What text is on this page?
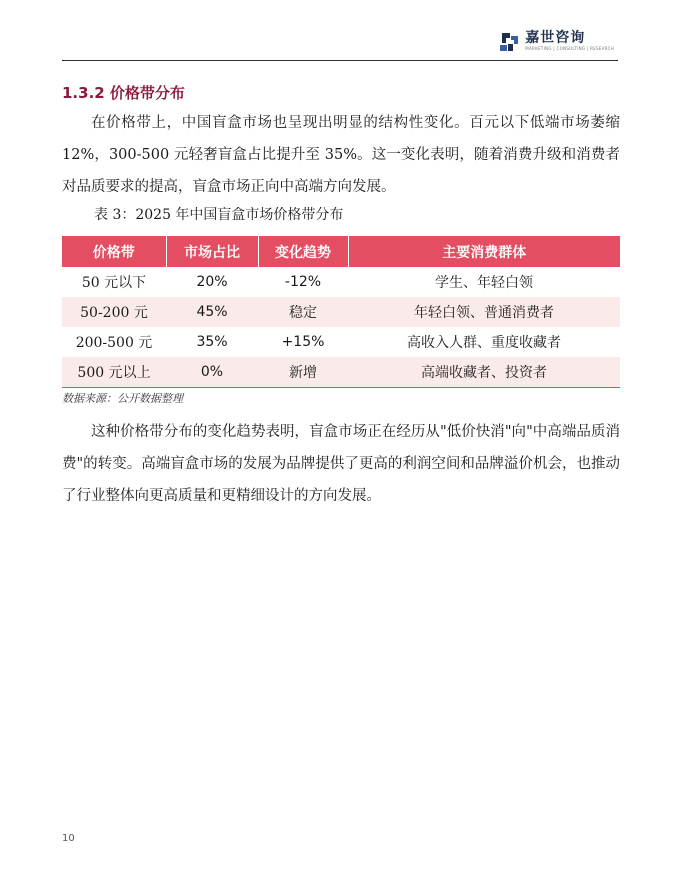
嘉世咨询
MARKETING | CONSULTING | RESEARCH
1.3.2 价格带分布

在价格带上，中国盲盒市场也呈现出明显的结构性变化。百元以下低端市场萎缩 12%，300-500 元轻奢盲盒占比提升至 35%。这一变化表明，随着消费升级和消费者对品质要求的提高，盲盒市场正向中高端方向发展。

表 3：2025 年中国盲盒市场价格带分布
价格带	市场占比	变化趋势	主要消费群体
50 元以下	20%	-12%	学生、年轻白领
50-200 元	45%	稳定	年轻白领、普通消费者
200-500 元	35%	+15%	高收入人群、重度收藏者
500 元以上	0%	新增	高端收藏者、投资者
数据来源：公开数据整理

这种价格带分布的变化趋势表明，盲盒市场正在经历从"低价快消"向"中高端品质消费"的转变。高端盲盒市场的发展为品牌提供了更高的利润空间和品牌溢价机会，也推动了行业整体向更高质量和更精细设计的方向发展。

10
